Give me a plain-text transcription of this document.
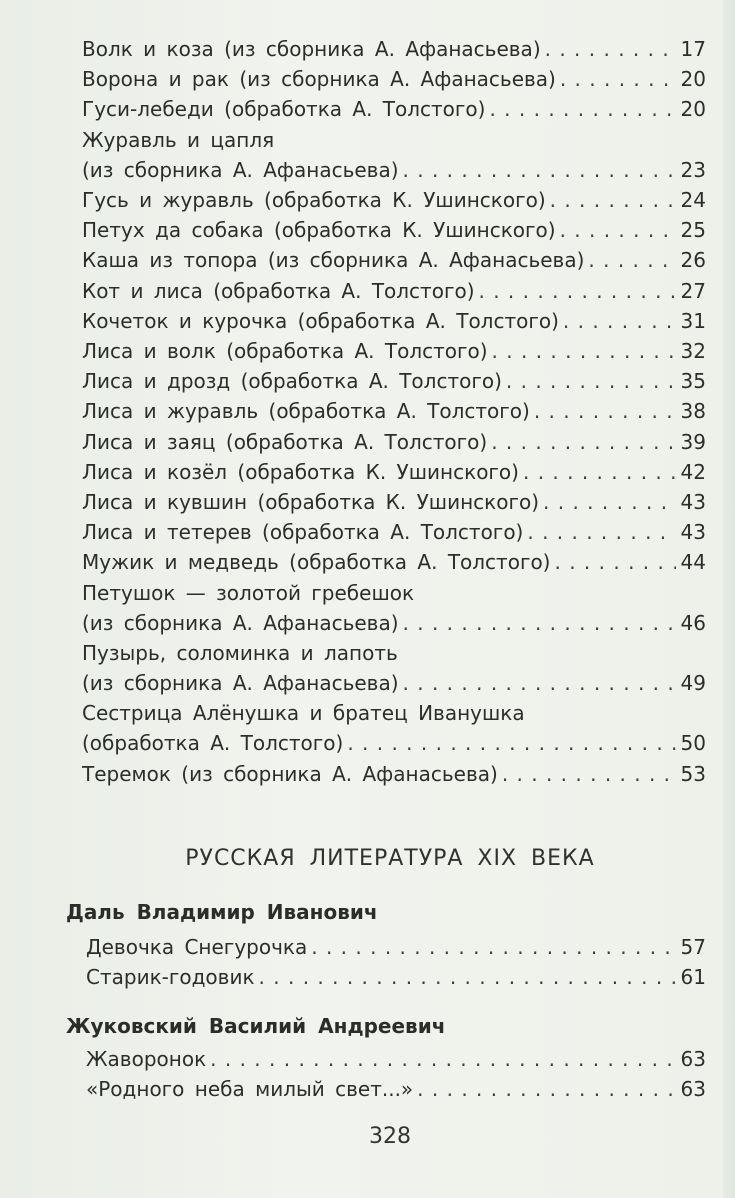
Волк и коза (из сборника А. Афанасьева) . . .	17
Ворона и рак (из сборника А. Афанасьева) . . .	20
Гуси-лебеди (обработка А. Толстого) . . .	20
Журавль и цапля
(из сборника А. Афанасьева) . . .	23
Гусь и журавль (обработка К. Ушинского) . . .	24
Петух да собака (обработка К. Ушинского) . . .	25
Каша из топора (из сборника А. Афанасьева) . . .	26
Кот и лиса (обработка А. Толстого) . . .	27
Кочеток и курочка (обработка А. Толстого) . . .	31
Лиса и волк (обработка А. Толстого) . . .	32
Лиса и дрозд (обработка А. Толстого) . . .	35
Лиса и журавль (обработка А. Толстого) . . .	38
Лиса и заяц (обработка А. Толстого) . . .	39
Лиса и козёл (обработка К. Ушинского) . . .	42
Лиса и кувшин (обработка К. Ушинского) . . .	43
Лиса и тетерев (обработка А. Толстого) . . .	43
Мужик и медведь (обработка А. Толстого) . . .	44
Петушок — золотой гребешок
(из сборника А. Афанасьева) . . .	46
Пузырь, соломинка и лапоть
(из сборника А. Афанасьева) . . .	49
Сестрица Алёнушка и братец Иванушка
(обработка А. Толстого) . . .	50
Теремок (из сборника А. Афанасьева) . . .	53
РУССКАЯ ЛИТЕРАТУРА XIX ВЕКА
Даль Владимир Иванович
Девочка Снегурочка . . .	57
Старик-годовик . . .	61
Жуковский Василий Андреевич
Жаворонок . . .	63
«Родного неба милый свет...» . . .	63
328
